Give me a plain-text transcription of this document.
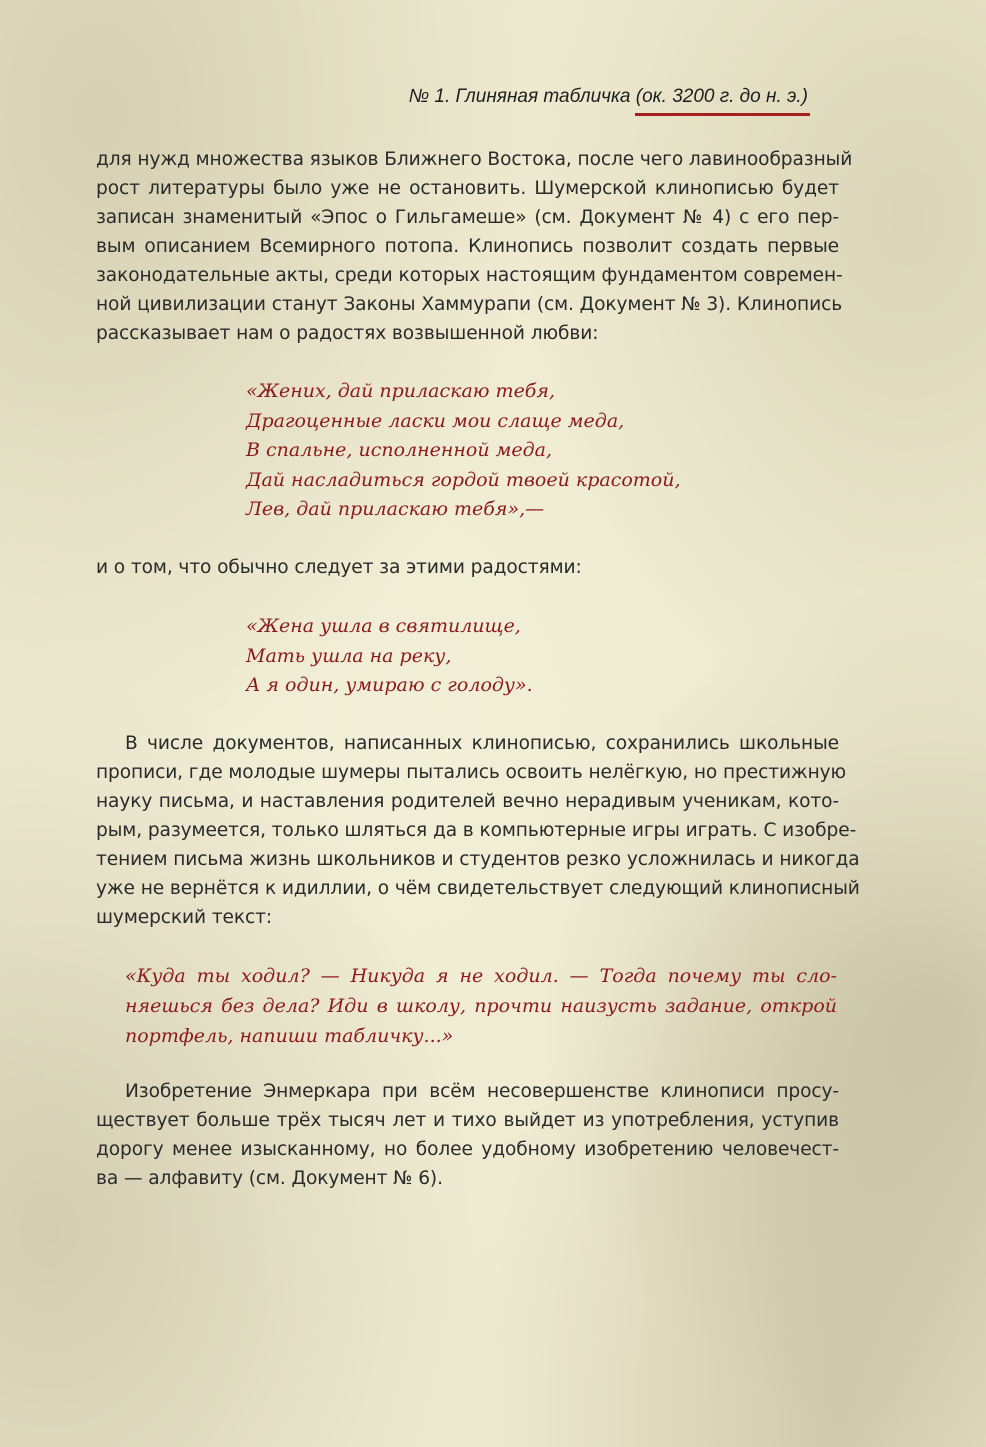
№ 1. Глиняная табличка (ок. 3200 г. до н. э.)
для нужд множества языков Ближнего Востока, после чего лавинообразный
рост литературы было уже не остановить. Шумерской клинописью будет
записан знаменитый «Эпос о Гильгамеше» (см. Документ № 4) с его пер-
вым описанием Всемирного потопа. Клинопись позволит создать первые
законодательные акты, среди которых настоящим фундаментом современ-
ной цивилизации станут Законы Хаммурапи (см. Документ № 3). Клинопись
рассказывает нам о радостях возвышенной любви:
«Жених, дай приласкаю тебя,
Драгоценные ласки мои слаще меда,
В спальне, исполненной меда,
Дай насладиться гордой твоей красотой,
Лев, дай приласкаю тебя»,—
и о том, что обычно следует за этими радостями:
«Жена ушла в святилище,
Мать ушла на реку,
А я один, умираю с голоду».
В числе документов, написанных клинописью, сохранились школьные
прописи, где молодые шумеры пытались освоить нелёгкую, но престижную
науку письма, и наставления родителей вечно нерадивым ученикам, кото-
рым, разумеется, только шляться да в компьютерные игры играть. С изобре-
тением письма жизнь школьников и студентов резко усложнилась и никогда
уже не вернётся к идиллии, о чём свидетельствует следующий клинописный
шумерский текст:
«Куда ты ходил? — Никуда я не ходил. — Тогда почему ты сло-
няешься без дела? Иди в школу, прочти наизусть задание, открой
портфель, напиши табличку...»
Изобретение Энмеркара при всём несовершенстве клинописи просу-
ществует больше трёх тысяч лет и тихо выйдет из употребления, уступив
дорогу менее изысканному, но более удобному изобретению человечест-
ва — алфавиту (см. Документ № 6).
